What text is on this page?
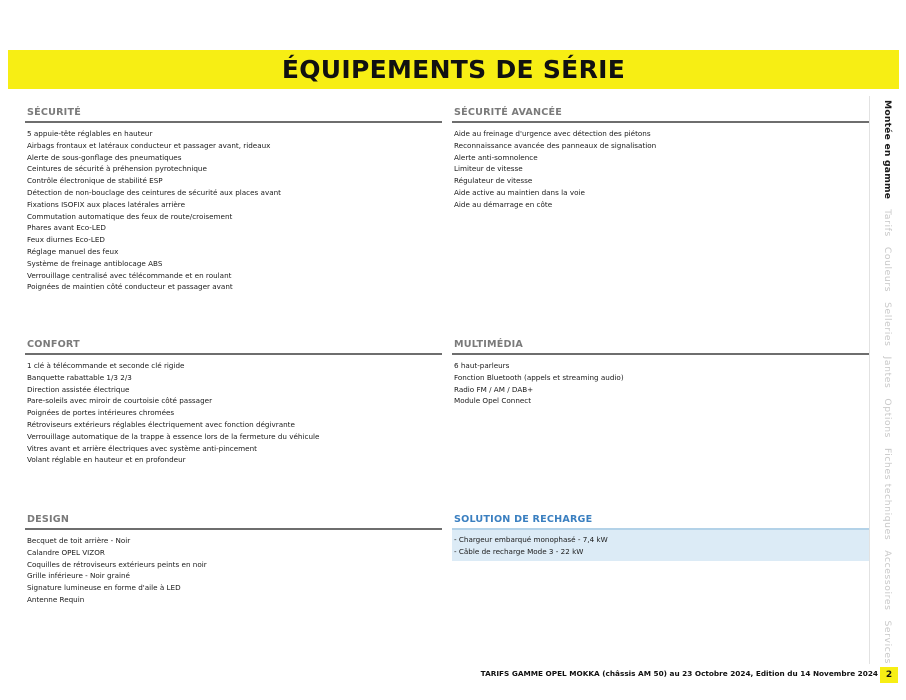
ÉQUIPEMENTS DE SÉRIE
SÉCURITÉ
5 appuie-tête réglables en hauteur
Airbags frontaux et latéraux conducteur et passager avant, rideaux
Alerte de sous-gonflage des pneumatiques
Ceintures de sécurité à préhension pyrotechnique
Contrôle électronique de stabilité ESP
Détection de non-bouclage des ceintures de sécurité aux places avant
Fixations ISOFIX aux places latérales arrière
Commutation automatique des feux de route/croisement
Phares avant Eco-LED
Feux diurnes Eco-LED
Réglage manuel des feux
Système de freinage antiblocage ABS
Verrouillage centralisé avec télécommande et en roulant
Poignées de maintien côté conducteur et passager avant
SÉCURITÉ AVANCÉE
Aide au freinage d'urgence avec détection des piétons
Reconnaissance avancée des panneaux de signalisation
Alerte anti-somnolence
Limiteur de vitesse
Régulateur de vitesse
Aide active au maintien dans la voie
Aide au démarrage en côte
CONFORT
1 clé à télécommande et seconde clé rigide
Banquette rabattable 1/3 2/3
Direction assistée électrique
Pare-soleils avec miroir de courtoisie côté passager
Poignées de portes intérieures chromées
Rétroviseurs extérieurs réglables électriquement avec fonction dégivrante
Verrouillage automatique de la trappe à essence lors de la fermeture du véhicule
Vitres avant et arrière électriques avec système anti-pincement
Volant réglable en hauteur et en profondeur
MULTIMÉDIA
6 haut-parleurs
Fonction Bluetooth (appels et streaming audio)
Radio FM / AM / DAB+
Module Opel Connect
DESIGN
Becquet de toit arrière - Noir
Calandre OPEL VIZOR
Coquilles de rétroviseurs extérieurs peints en noir
Grille inférieure - Noir grainé
Signature lumineuse en forme d'aile à LED
Antenne Requin
SOLUTION DE RECHARGE
- Chargeur embarqué monophasé - 7,4 kW
- Câble de recharge Mode 3 - 22 kW
Montée en gamme
Tarifs
Couleurs
Selleries
Jantes
Options
Fiches techniques
Accessoires
Services
TARIFS GAMME OPEL MOKKA (châssis AM 50) au 23 Octobre 2024, Edition du 14 Novembre 2024 2
